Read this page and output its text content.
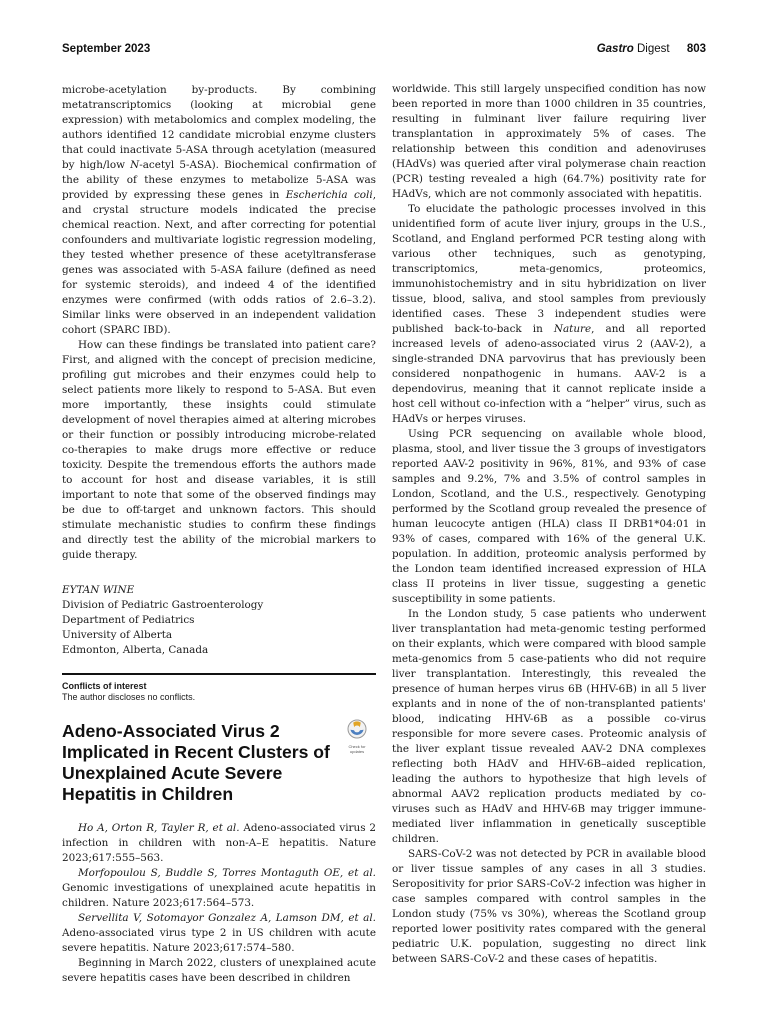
September 2023	Gastro Digest 803

microbe-acetylation by-products. By combining metatranscriptomics (looking at microbial gene expression) with metabolomics and complex modeling, the authors identified 12 candidate microbial enzyme clusters that could inactivate 5-ASA through acetylation (measured by high/low N-acetyl 5-ASA). Biochemical confirmation of the ability of these enzymes to metabolize 5-ASA was provided by expressing these genes in Escherichia coli, and crystal structure models indicated the precise chemical reaction. Next, and after correcting for potential confounders and multivariate logistic regression modeling, they tested whether presence of these acetyltransferase genes was associated with 5-ASA failure (defined as need for systemic steroids), and indeed 4 of the identified enzymes were confirmed (with odds ratios of 2.6–3.2). Similar links were observed in an independent validation cohort (SPARC IBD).

How can these findings be translated into patient care? First, and aligned with the concept of precision medicine, profiling gut microbes and their enzymes could help to select patients more likely to respond to 5-ASA. But even more importantly, these insights could stimulate development of novel therapies aimed at altering microbes or their function or possibly introducing microbe-related co-therapies to make drugs more effective or reduce toxicity. Despite the tremendous efforts the authors made to account for host and disease variables, it is still important to note that some of the observed findings may be due to off-target and unknown factors. This should stimulate mechanistic studies to confirm these findings and directly test the ability of the microbial markers to guide therapy.

EYTAN WINE
Division of Pediatric Gastroenterology
Department of Pediatrics
University of Alberta
Edmonton, Alberta, Canada
Conflicts of interest
The author discloses no conflicts.
Adeno-Associated Virus 2 Implicated in Recent Clusters of Unexplained Acute Severe Hepatitis in Children
Check for updates

Ho A, Orton R, Tayler R, et al. Adeno-associated virus 2 infection in children with non-A–E hepatitis. Nature 2023;617:555–563.

Morfopoulou S, Buddle S, Torres Montaguth OE, et al. Genomic investigations of unexplained acute hepatitis in children. Nature 2023;617:564–573.

Servellita V, Sotomayor Gonzalez A, Lamson DM, et al. Adeno-associated virus type 2 in US children with acute severe hepatitis. Nature 2023;617:574–580.

Beginning in March 2022, clusters of unexplained acute severe hepatitis cases have been described in children

worldwide. This still largely unspecified condition has now been reported in more than 1000 children in 35 countries, resulting in fulminant liver failure requiring liver transplantation in approximately 5% of cases. The relationship between this condition and adenoviruses (HAdVs) was queried after viral polymerase chain reaction (PCR) testing revealed a high (64.7%) positivity rate for HAdVs, which are not commonly associated with hepatitis.

To elucidate the pathologic processes involved in this unidentified form of acute liver injury, groups in the U.S., Scotland, and England performed PCR testing along with various other techniques, such as genotyping, transcriptomics, meta-genomics, proteomics, immunohistochemistry and in situ hybridization on liver tissue, blood, saliva, and stool samples from previously identified cases. These 3 independent studies were published back-to-back in Nature, and all reported increased levels of adeno-associated virus 2 (AAV-2), a single-stranded DNA parvovirus that has previously been considered nonpathogenic in humans. AAV-2 is a dependovirus, meaning that it cannot replicate inside a host cell without co-infection with a “helper” virus, such as HAdVs or herpes viruses.

Using PCR sequencing on available whole blood, plasma, stool, and liver tissue the 3 groups of investigators reported AAV-2 positivity in 96%, 81%, and 93% of case samples and 9.2%, 7% and 3.5% of control samples in London, Scotland, and the U.S., respectively. Genotyping performed by the Scotland group revealed the presence of human leucocyte antigen (HLA) class II DRB1*04:01 in 93% of cases, compared with 16% of the general U.K. population. In addition, proteomic analysis performed by the London team identified increased expression of HLA class II proteins in liver tissue, suggesting a genetic susceptibility in some patients.

In the London study, 5 case patients who underwent liver transplantation had meta-genomic testing performed on their explants, which were compared with blood sample meta-genomics from 5 case-patients who did not require liver transplantation. Interestingly, this revealed the presence of human herpes virus 6B (HHV-6B) in all 5 liver explants and in none of the of non-transplanted patients' blood, indicating HHV-6B as a possible co-virus responsible for more severe cases. Proteomic analysis of the liver explant tissue revealed AAV-2 DNA complexes reflecting both HAdV and HHV-6B–aided replication, leading the authors to hypothesize that high levels of abnormal AAV2 replication products mediated by co-viruses such as HAdV and HHV-6B may trigger immune-mediated liver inflammation in genetically susceptible children.

SARS-CoV-2 was not detected by PCR in available blood or liver tissue samples of any cases in all 3 studies. Seropositivity for prior SARS-CoV-2 infection was higher in case samples compared with control samples in the London study (75% vs 30%), whereas the Scotland group reported lower positivity rates compared with the general pediatric U.K. population, suggesting no direct link between SARS-CoV-2 and these cases of hepatitis.
